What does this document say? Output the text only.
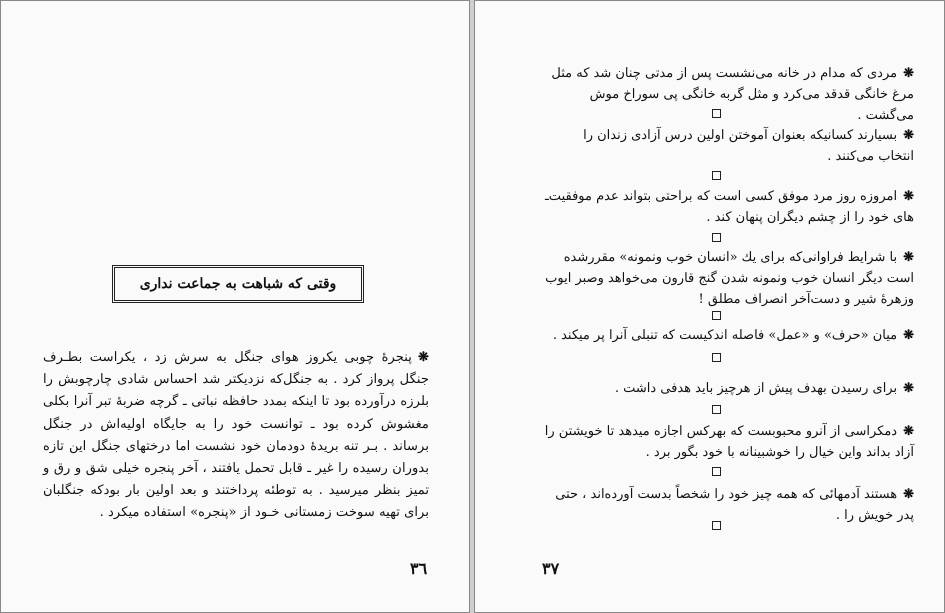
وقتی که شباهت به جماعت نداری
❋پنجرهٔ چوبی یکروز هوای جنگل به سرش زد ، یکراست بطـرف جنگل پرواز کرد . به جنگل‌که نزدیکتر شد احساس شادی چارچوبش را بلرزه درآورده بود تا اینکه بمدد حافظه نباتی ـ گرچه ضربهٔ تبر آنرا بکلی مغشوش کرده بود ـ توانست خود را به جایگاه اولیه‌اش در جنگل برساند . بـر تنه بریدهٔ دودمان خود نشست اما درختهای جنگل این تازه بدوران رسیده را غیر ـ قابل تحمل یافتند ، آخر پنجره خیلی شق و رق و تمیز بنظر میرسید . به توطئه پرداختند و بعد اولین بار بودکه جنگلبان برای تهیه سوخت زمستانی خـود از «پنجره» استفاده میکرد .
۳٦
❋مردی که مدام در خانه می‌نشست پس از مدتی چنان شد که مثل مرغ خانگی قدقد می‌کرد و مثل گربه خانگی پی سوراخ موش می‌گشت .
❋بسیارند کسانیکه بعنوان آموختن اولین درس آزادی زندان را انتخاب می‌کنند .
❋امروزه روز مرد موفق کسی است که براحتی بتواند عدم موفقیت‌ـ های خود را از چشم دیگران پنهان کند .
❋با شرایط فراوانی‌که برای یك «انسان خوب ونمونه» مقررشده است دیگر انسان خوب ونمونه شدن گنج قارون می‌خواهد وصبر ایوب وزهرهٔ شیر و دست‌آخر انصراف مطلق !
❋میان «حرف» و «عمل» فاصله اندکیست که تنبلی آنرا پر میکند .
❋برای رسیدن بهدف پیش از هرچیز باید هدفی داشت .
❋دمکراسی از آنرو محبوبست که بهرکس اجازه میدهد تا خویشتن را آزاد بداند واین خیال را خوشبینانه با خود بگور برد .
❋هستند آدمهائی که همه چیز خود را شخصاً بدست آورده‌اند ، حتی پدر خویش را .
۳۷
